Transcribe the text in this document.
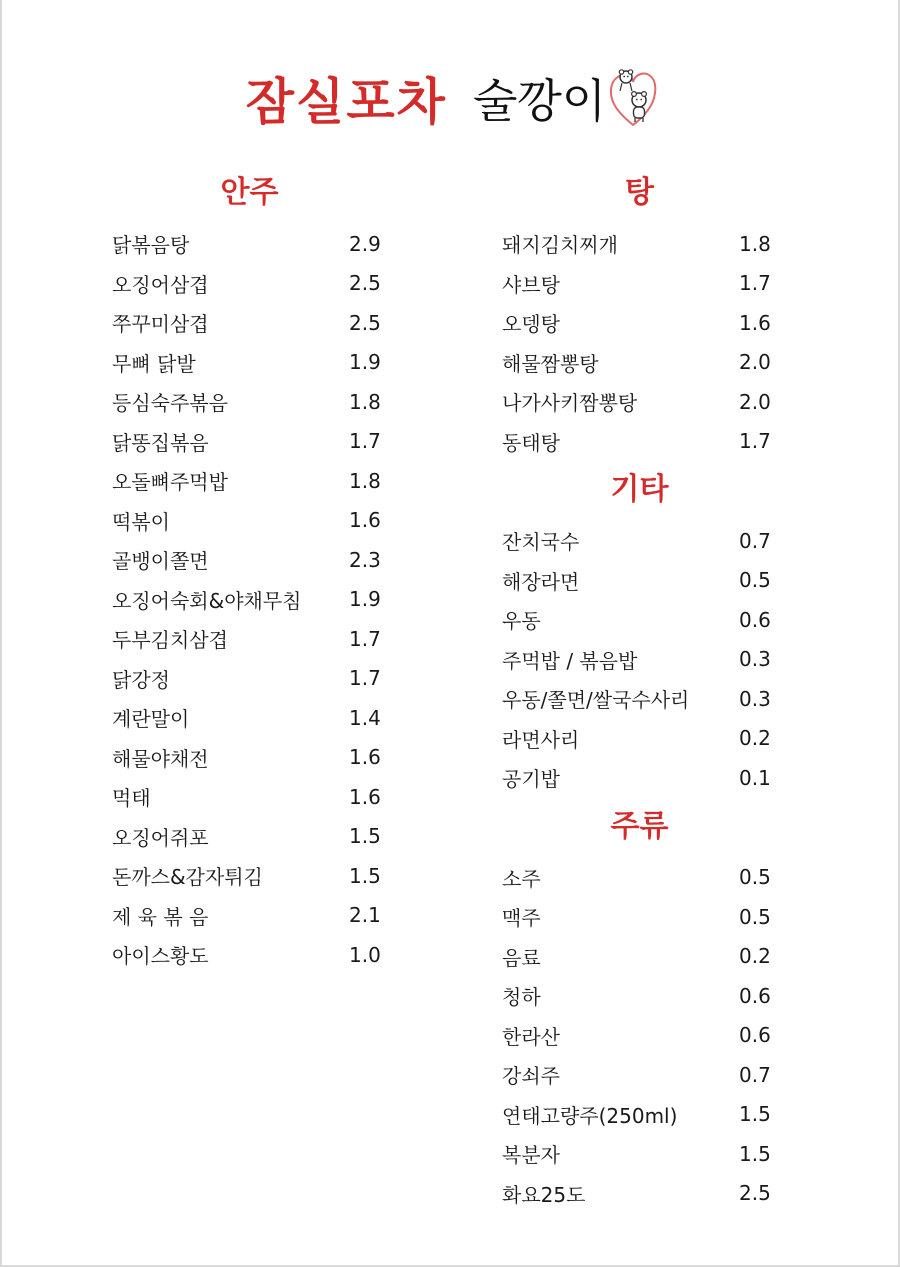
잠실포차 술깡이
안주
닭볶음탕	2.9
오징어삼겹	2.5
쭈꾸미삼겹	2.5
무뼈 닭발	1.9
등심숙주볶음	1.8
닭똥집볶음	1.7
오돌뼈주먹밥	1.8
떡볶이	1.6
골뱅이쫄면	2.3
오징어숙회&야채무침 1.9
두부김치삼겹	1.7
닭강정	1.7
계란말이	1.4
해물야채전	1.6
먹태	1.6
오징어쥐포	1.5
돈까스&감자튀김	1.5
제 육 볶 음	2.1
아이스황도	1.0
탕
돼지김치찌개	1.8
샤브탕	1.7
오뎅탕	1.6
해물짬뽕탕	2.0
나가사키짬뽕탕	2.0
동태탕	1.7
기타
잔치국수	0.7
해장라면	0.5
우동	0.6
주먹밥 / 볶음밥	0.3
우동/쫄면/쌀국수사리 0.3
라면사리	0.2
공기밥	0.1
주류
소주	0.5
맥주	0.5
음료	0.2
청하	0.6
한라산	0.6
강쇠주	0.7
연태고량주(250ml)	1.5
복분자	1.5
화요25도	2.5
